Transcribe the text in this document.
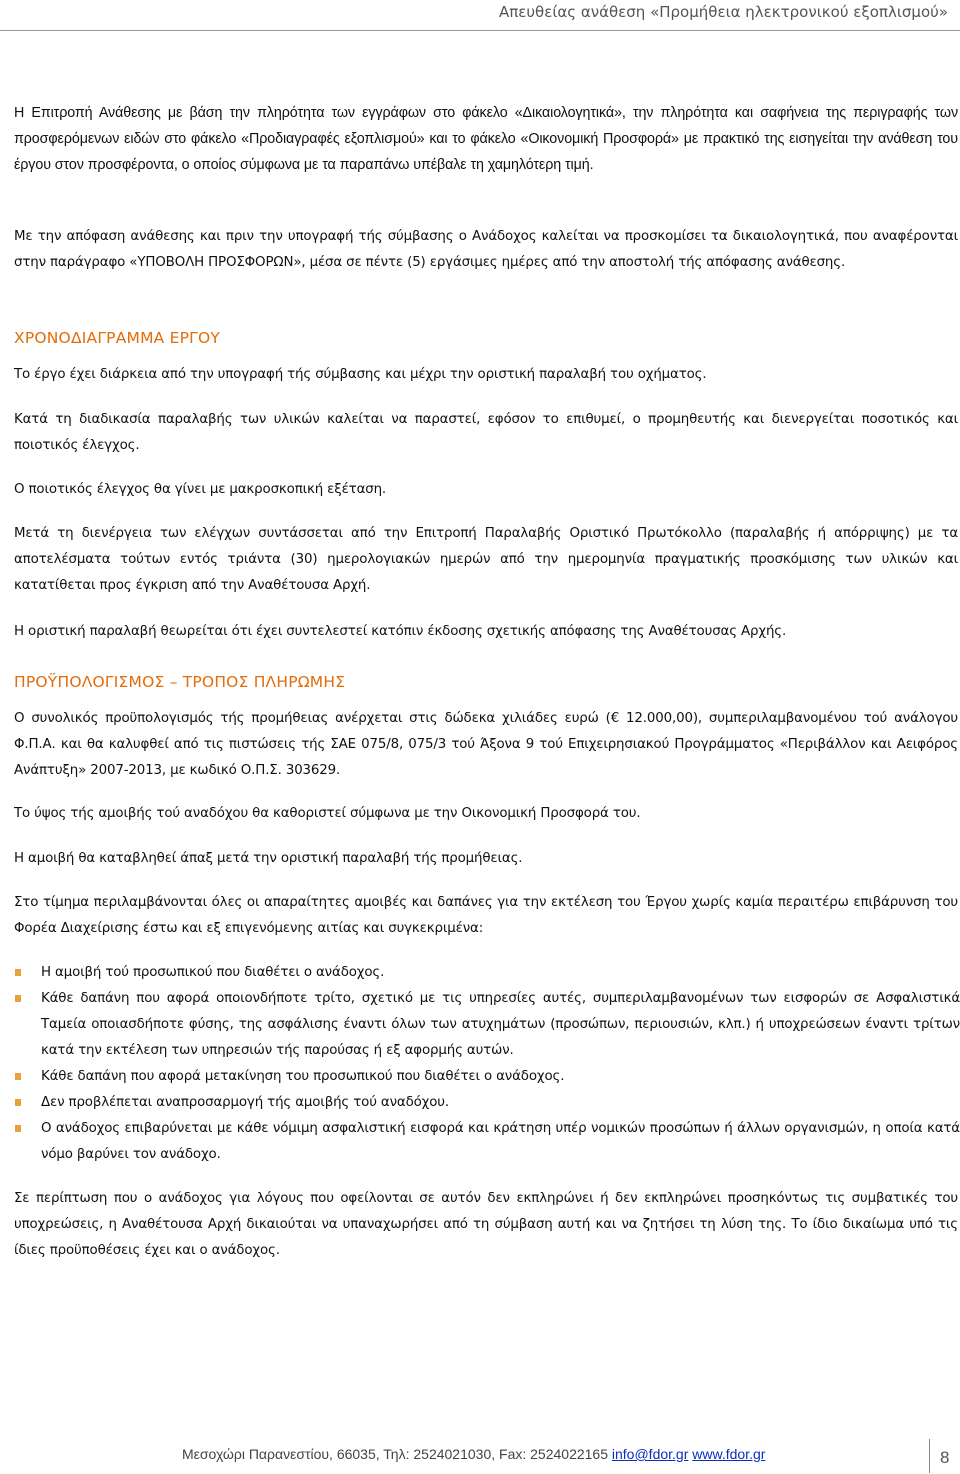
Απευθείας ανάθεση «Προμήθεια ηλεκτρονικού εξοπλισμού»

Η Επιτροπή Ανάθεσης με βάση την πληρότητα των εγγράφων στο φάκελο «Δικαιολογητικά», την πληρότητα και σαφήνεια της περιγραφής των προσφερόμενων ειδών στο φάκελο «Προδιαγραφές εξοπλισμού» και το φάκελο «Οικονομική Προσφορά» με πρακτικό της εισηγείται την ανάθεση του έργου στον προσφέροντα, ο οποίος σύμφωνα με τα παραπάνω υπέβαλε τη χαμηλότερη τιμή.

Με την απόφαση ανάθεσης και πριν την υπογραφή τής σύμβασης ο Ανάδοχος καλείται να προσκομίσει τα δικαιολογητικά, που αναφέρονται στην παράγραφο «ΥΠΟΒΟΛΗ ΠΡΟΣΦΟΡΩΝ», μέσα σε πέντε (5) εργάσιμες ημέρες από την αποστολή τής απόφασης ανάθεσης.

ΧΡΟΝΟΔΙΑΓΡΑΜΜΑ ΕΡΓΟΥ

Το έργο έχει διάρκεια από την υπογραφή τής σύμβασης και μέχρι την οριστική παραλαβή του οχήματος.

Κατά τη διαδικασία παραλαβής των υλικών καλείται να παραστεί, εφόσον το επιθυμεί, ο προμηθευτής και διενεργείται ποσοτικός και ποιοτικός έλεγχος.

Ο ποιοτικός έλεγχος θα γίνει με μακροσκοπική εξέταση.

Μετά τη διενέργεια των ελέγχων συντάσσεται από την Επιτροπή Παραλαβής Οριστικό Πρωτόκολλο (παραλαβής ή απόρριψης) με τα αποτελέσματα τούτων εντός τριάντα (30) ημερολογιακών ημερών από την ημερομηνία πραγματικής προσκόμισης των υλικών και κατατίθεται προς έγκριση από την Αναθέτουσα Αρχή.

Η οριστική παραλαβή θεωρείται ότι έχει συντελεστεί κατόπιν έκδοσης σχετικής απόφασης της Αναθέτουσας Αρχής.

ΠΡΟΫΠΟΛΟΓΙΣΜΟΣ – ΤΡΟΠΟΣ ΠΛΗΡΩΜΗΣ

Ο συνολικός προϋπολογισμός τής προμήθειας ανέρχεται στις δώδεκα χιλιάδες ευρώ (€ 12.000,00), συμπεριλαμβανομένου τού ανάλογου Φ.Π.Α. και θα καλυφθεί από τις πιστώσεις τής ΣΑΕ 075/8, 075/3 τού Άξονα 9 τού Επιχειρησιακού Προγράμματος «Περιβάλλον και Αειφόρος Ανάπτυξη» 2007-2013, με κωδικό Ο.Π.Σ. 303629.

Το ύψος τής αμοιβής τού αναδόχου θα καθοριστεί σύμφωνα με την Οικονομική Προσφορά του.

Η αμοιβή θα καταβληθεί άπαξ μετά την οριστική παραλαβή τής προμήθειας.

Στο τίμημα περιλαμβάνονται όλες οι απαραίτητες αμοιβές και δαπάνες για την εκτέλεση του Έργου χωρίς καμία περαιτέρω επιβάρυνση του Φορέα Διαχείρισης έστω και εξ επιγενόμενης αιτίας και συγκεκριμένα:

Η αμοιβή τού προσωπικού που διαθέτει ο ανάδοχος.
Κάθε δαπάνη που αφορά οποιονδήποτε τρίτο, σχετικό με τις υπηρεσίες αυτές, συμπεριλαμβανομένων των εισφορών σε Ασφαλιστικά Ταμεία οποιασδήποτε φύσης, της ασφάλισης έναντι όλων των ατυχημάτων (προσώπων, περιουσιών, κλπ.) ή υποχρεώσεων έναντι τρίτων κατά την εκτέλεση των υπηρεσιών τής παρούσας ή εξ αφορμής αυτών.
Κάθε δαπάνη που αφορά μετακίνηση του προσωπικού που διαθέτει ο ανάδοχος.
Δεν προβλέπεται αναπροσαρμογή τής αμοιβής τού αναδόχου.
Ο ανάδοχος επιβαρύνεται με κάθε νόμιμη ασφαλιστική εισφορά και κράτηση υπέρ νομικών προσώπων ή άλλων οργανισμών, η οποία κατά νόμο βαρύνει τον ανάδοχο.

Σε περίπτωση που ο ανάδοχος για λόγους που οφείλονται σε αυτόν δεν εκπληρώνει ή δεν εκπληρώνει προσηκόντως τις συμβατικές του υποχρεώσεις, η Αναθέτουσα Αρχή δικαιούται να υπαναχωρήσει από τη σύμβαση αυτή και να ζητήσει τη λύση της. Το ίδιο δικαίωμα υπό τις ίδιες προϋποθέσεις έχει και ο ανάδοχος.

Μεσοχώρι Παρανεστίου, 66035, Τηλ: 2524021030, Fax: 2524022165 info@fdor.gr www.fdor.gr	8
